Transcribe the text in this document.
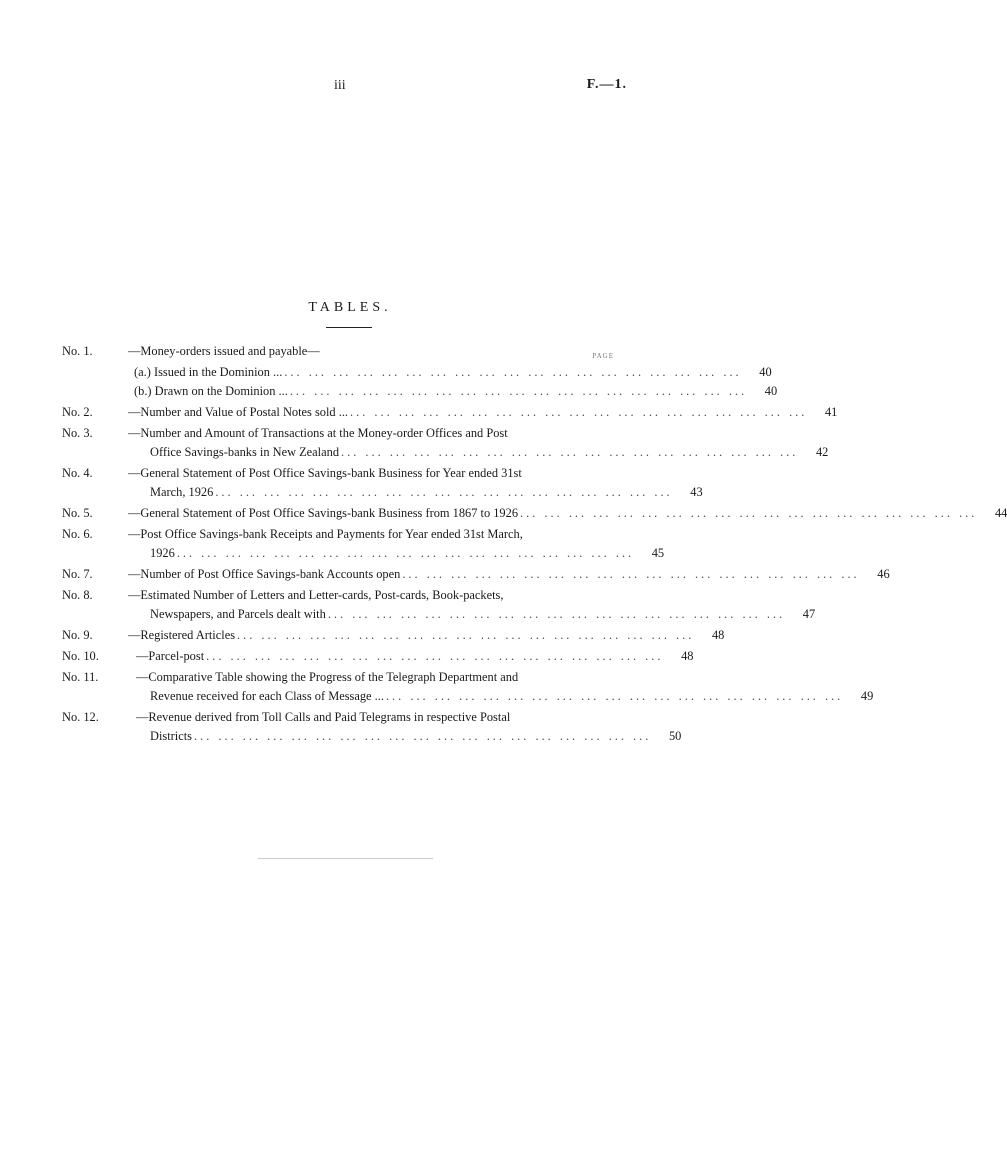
iii	F.—1.
TABLES.
PAGE
No. 1.	—Money-orders issued and payable—
(a.) Issued in the Dominion ... ... ... ... ... ... ... ... ... ... ... ... ... ... ... ... ... ... ... ...	40
(b.) Drawn on the Dominion ... ... ... ... ... ... ... ... ... ... ... ... ... ... ... ... ... ... ... ...	40
No. 2.	—Number and Value of Postal Notes sold ... ... ... ... ... ... ... ... ... ... ... ... ... ... ... ... ... ... ... ...	41
No. 3.	—Number and Amount of Transactions at the Money-order Offices and Post
Office Savings-banks in New Zealand ... ... ... ... ... ... ... ... ... ... ... ... ... ... ... ... ... ... ...	42
No. 4.	—General Statement of Post Office Savings-bank Business for Year ended 31st
March, 1926 ... ... ... ... ... ... ... ... ... ... ... ... ... ... ... ... ... ... ...	43
No. 5.	—General Statement of Post Office Savings-bank Business from 1867 to 1926 ... ... ... ... ... ... ... ... ... ... ... ... ... ... ... ... ... ... ...	44
No. 6.	—Post Office Savings-bank Receipts and Payments for Year ended 31st March,
1926 ... ... ... ... ... ... ... ... ... ... ... ... ... ... ... ... ... ... ...	45
No. 7.	—Number of Post Office Savings-bank Accounts open ... ... ... ... ... ... ... ... ... ... ... ... ... ... ... ... ... ... ...	46
No. 8.	—Estimated Number of Letters and Letter-cards, Post-cards, Book-packets,
Newspapers, and Parcels dealt with ... ... ... ... ... ... ... ... ... ... ... ... ... ... ... ... ... ... ...	47
No. 9.	—Registered Articles ... ... ... ... ... ... ... ... ... ... ... ... ... ... ... ... ... ... ...	48
No. 10.	—Parcel-post ... ... ... ... ... ... ... ... ... ... ... ... ... ... ... ... ... ... ...	48
No. 11.	—Comparative Table showing the Progress of the Telegraph Department and
Revenue received for each Class of Message ... ... ... ... ... ... ... ... ... ... ... ... ... ... ... ... ... ... ... ...	49
No. 12.	—Revenue derived from Toll Calls and Paid Telegrams in respective Postal
Districts ... ... ... ... ... ... ... ... ... ... ... ... ... ... ... ... ... ... ...	50
